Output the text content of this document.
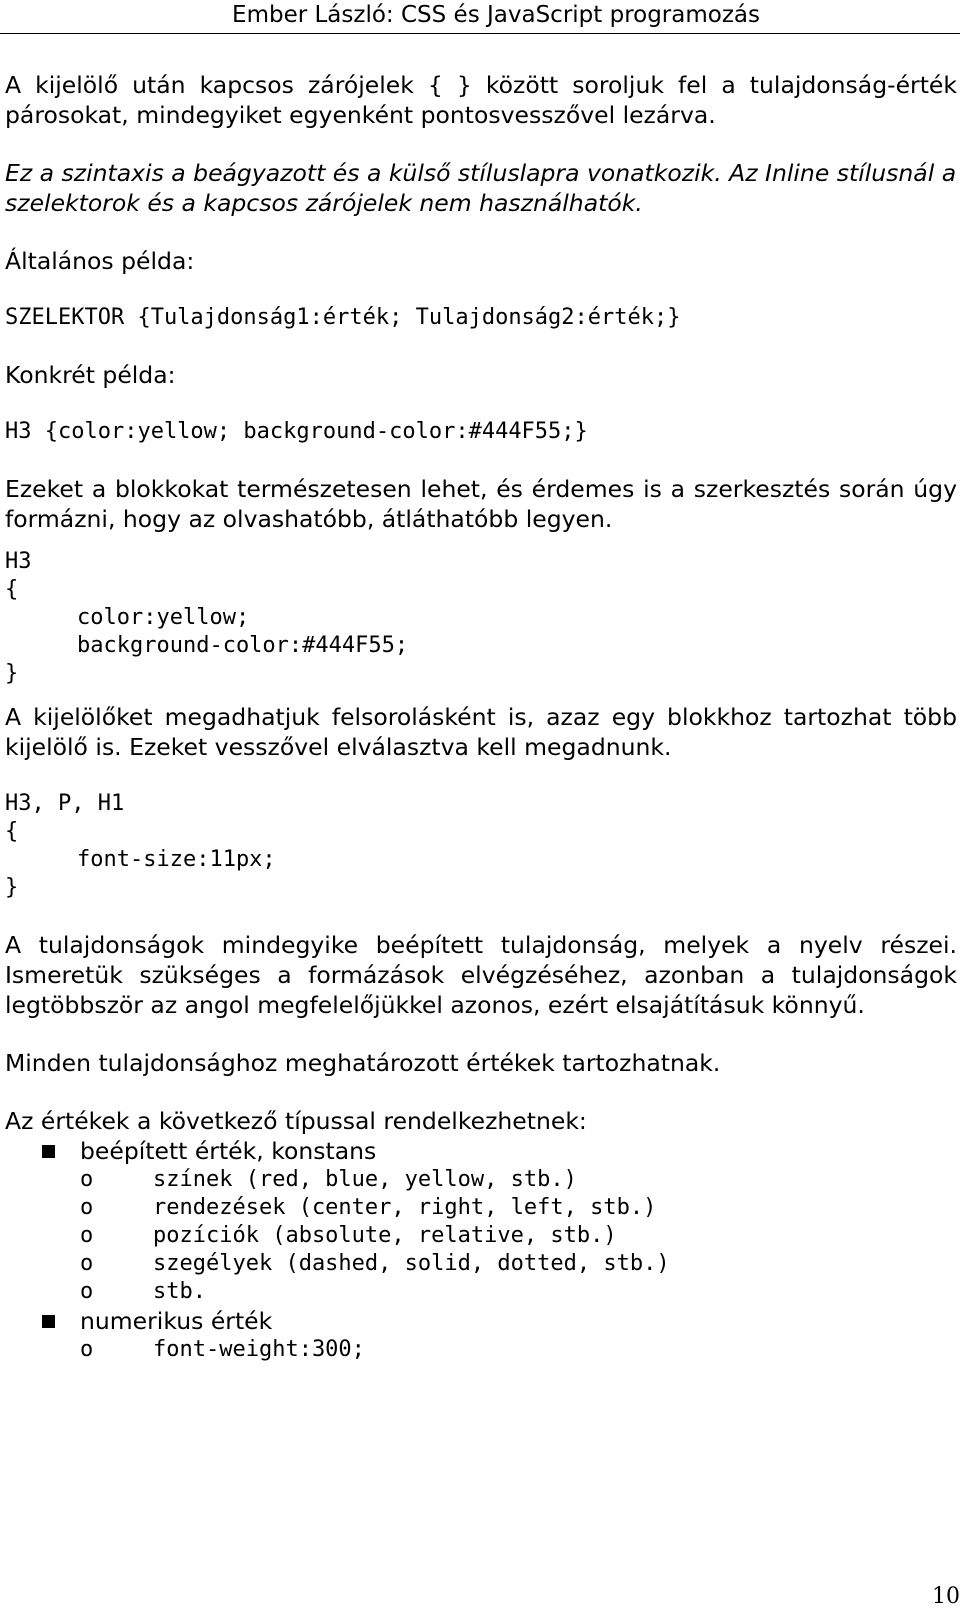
Ember László: CSS és JavaScript programozás

A kijelölő után kapcsos zárójelek { } között soroljuk fel a tulajdonság-érték párosokat, mindegyiket egyenként pontosvesszővel lezárva.

Ez a szintaxis a beágyazott és a külső stíluslapra vonatkozik. Az Inline stílusnál a szelektorok és a kapcsos zárójelek nem használhatók.

Általános példa:

SZELEKTOR {Tulajdonság1:érték; Tulajdonság2:érték;}

Konkrét példa:

H3 {color:yellow; background-color:#444F55;}

Ezeket a blokkokat természetesen lehet, és érdemes is a szerkesztés során úgy formázni, hogy az olvashatóbb, átláthatóbb legyen.

H3

{

color:yellow;

background-color:#444F55;

}

A kijelölőket megadhatjuk felsorolásként is, azaz egy blokkhoz tartozhat több kijelölő is. Ezeket vesszővel elválasztva kell megadnunk.

H3, P, H1

{

font-size:11px;

}

A tulajdonságok mindegyike beépített tulajdonság, melyek a nyelv részei. Ismeretük szükséges a formázások elvégzéséhez, azonban a tulajdonságok legtöbbször az angol megfelelőjükkel azonos, ezért elsajátításuk könnyű.

Minden tulajdonsághoz meghatározott értékek tartozhatnak.

Az értékek a következő típussal rendelkezhetnek:

beépített érték, konstans
o	színek (red, blue, yellow, stb.)
o	rendezések (center, right, left, stb.)
o	pozíciók (absolute, relative, stb.)
o	szegélyek (dashed, solid, dotted, stb.)
o	stb.
numerikus érték
o	font-weight:300;
10
